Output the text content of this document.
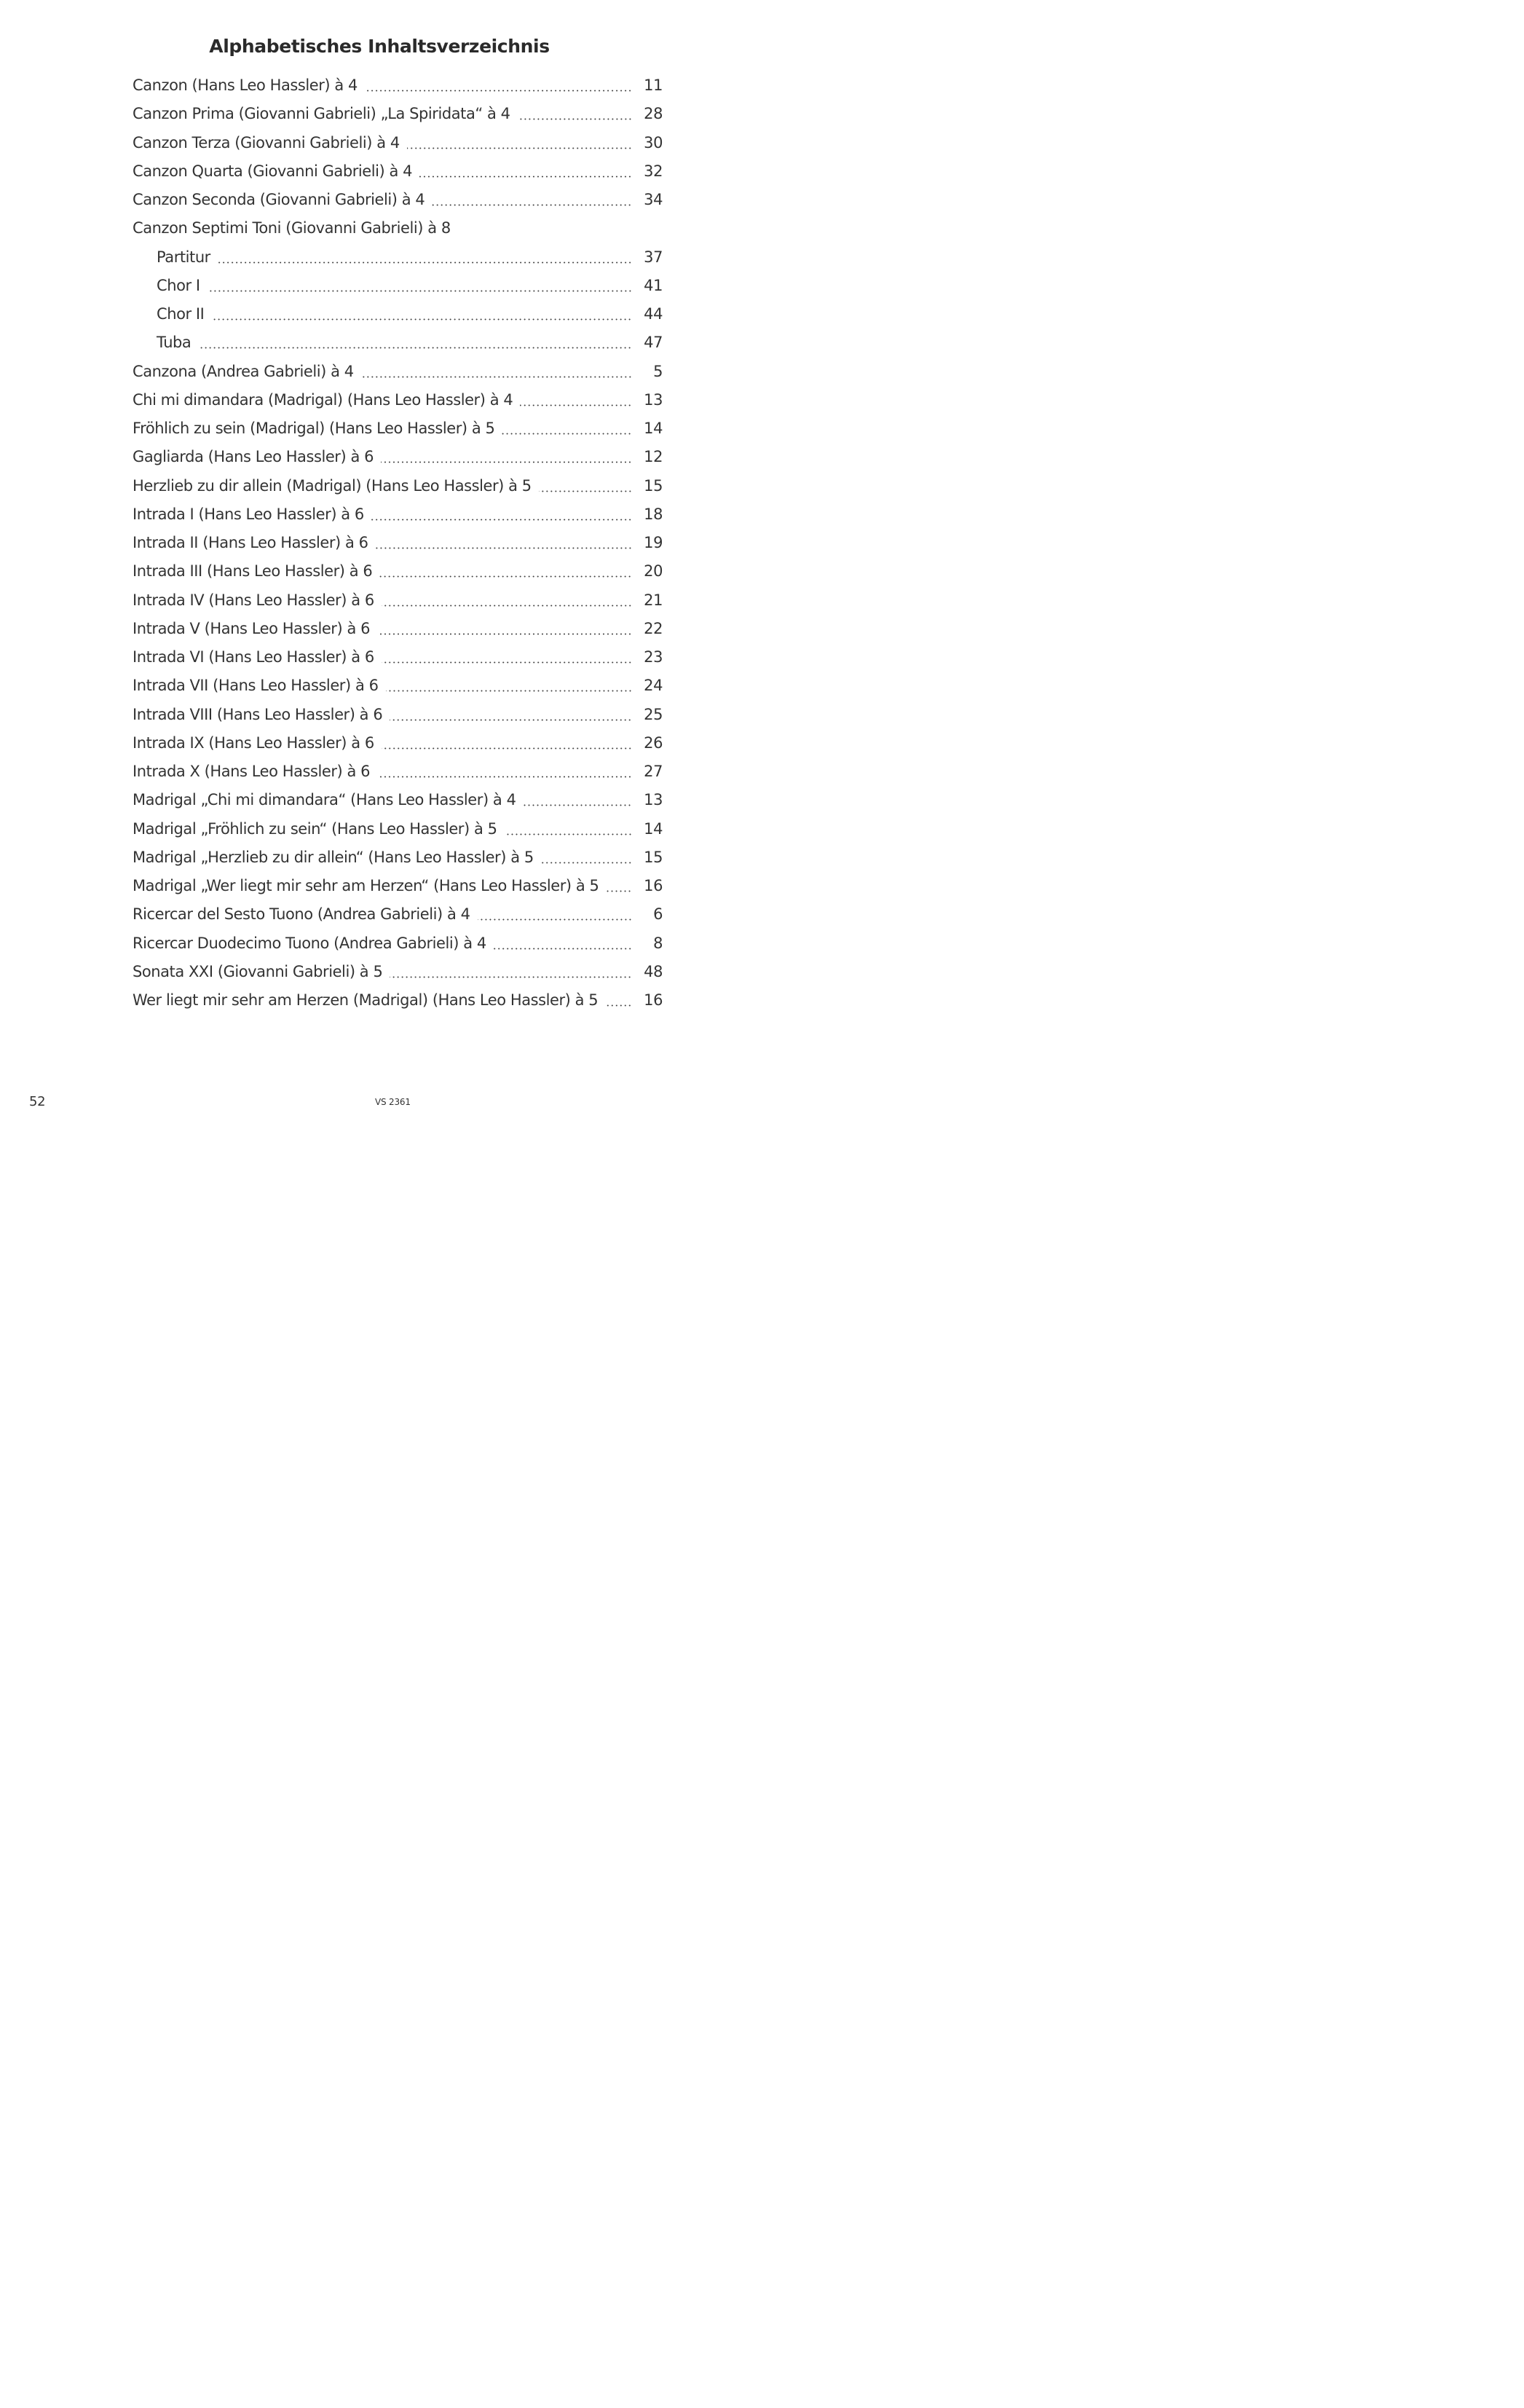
Alphabetisches Inhaltsverzeichnis
Canzon (Hans Leo Hassler) à 4	11
Canzon Prima (Giovanni Gabrieli) „La Spiridata“ à 4	28
Canzon Terza (Giovanni Gabrieli) à 4	30
Canzon Quarta (Giovanni Gabrieli) à 4	32
Canzon Seconda (Giovanni Gabrieli) à 4	34
Canzon Septimi Toni (Giovanni Gabrieli) à 8
Partitur	37
Chor I	41
Chor II	44
Tuba	47
Canzona (Andrea Gabrieli) à 4	5
Chi mi dimandara (Madrigal) (Hans Leo Hassler) à 4	13
Fröhlich zu sein (Madrigal) (Hans Leo Hassler) à 5	14
Gagliarda (Hans Leo Hassler) à 6	12
Herzlieb zu dir allein (Madrigal) (Hans Leo Hassler) à 5	15
Intrada I (Hans Leo Hassler) à 6	18
Intrada II (Hans Leo Hassler) à 6	19
Intrada III (Hans Leo Hassler) à 6	20
Intrada IV (Hans Leo Hassler) à 6	21
Intrada V (Hans Leo Hassler) à 6	22
Intrada VI (Hans Leo Hassler) à 6	23
Intrada VII (Hans Leo Hassler) à 6	24
Intrada VIII (Hans Leo Hassler) à 6	25
Intrada IX (Hans Leo Hassler) à 6	26
Intrada X (Hans Leo Hassler) à 6	27
Madrigal „Chi mi dimandara“ (Hans Leo Hassler) à 4	13
Madrigal „Fröhlich zu sein“ (Hans Leo Hassler) à 5	14
Madrigal „Herzlieb zu dir allein“ (Hans Leo Hassler) à 5	15
Madrigal „Wer liegt mir sehr am Herzen“ (Hans Leo Hassler) à 5	16
Ricercar del Sesto Tuono (Andrea Gabrieli) à 4	6
Ricercar Duodecimo Tuono (Andrea Gabrieli) à 4	8
Sonata XXI (Giovanni Gabrieli) à 5	48
Wer liegt mir sehr am Herzen (Madrigal) (Hans Leo Hassler) à 5	16
52	VS 2361
